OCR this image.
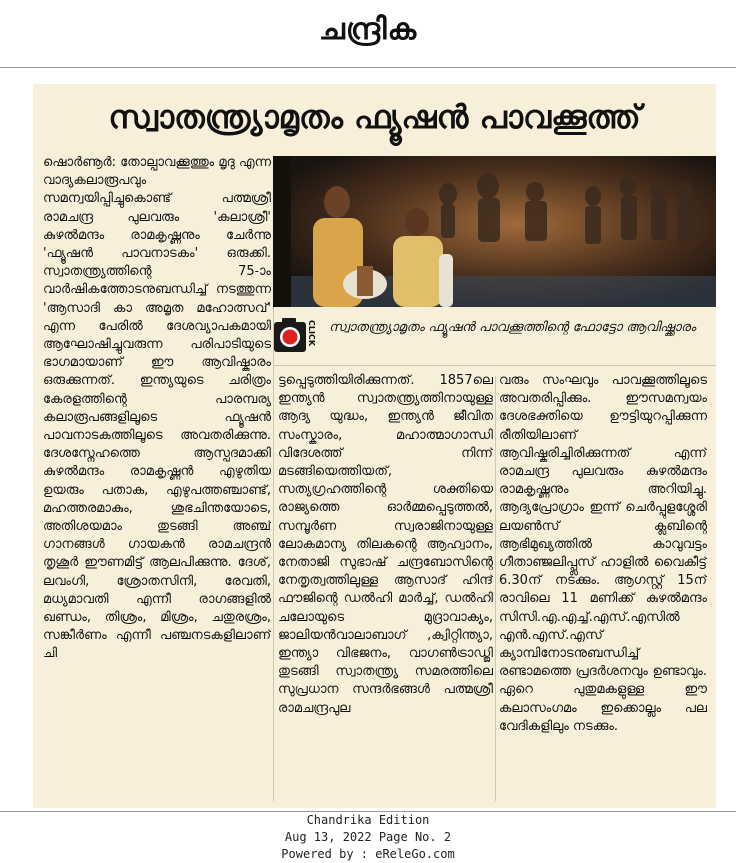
ചന്ദ്രിക
സ്വാതന്ത്ര്യാമൃതം ഫ്യൂഷൻ പാവക്കൂത്ത്
ഷൊർണൂർ: തോല്പാവക്കൂത്തും മൃദു എന്ന വാദ്യകലാരൂപവും സമന്വയിപ്പിച്ചുകൊണ്ട് പത്മശ്രീ രാമചന്ദ്ര പുലവരും 'കലാശ്രീ' കുഴൽമന്ദം രാമകൃഷ്ണനും ചേർന്നു 'ഫ്യൂഷൻ പാവനാടകം' ഒരുക്കി. സ്വാതന്ത്ര്യത്തിന്റെ 75-ാം വാർഷികത്തോടനുബന്ധിച്ച് നടത്തുന്ന 'ആസാദി കാ അമൃത മഹോത്സവ്' എന്ന പേരിൽ ദേശവ്യാപകമായി ആഘോഷിച്ചുവരുന്ന പരിപാടിയുടെ ഭാഗമായാണ് ഈ ആവിഷ്കാരം ഒരുക്കുന്നത്. ഇന്ത്യയുടെ ചരിത്രം കേരളത്തിന്റെ പാരമ്പര്യ കലാരൂപങ്ങളിലൂടെ ഫ്യൂഷൻ പാവനാടകത്തിലൂടെ അവതരിക്കുന്നു. ദേശസ്നേഹത്തെ ആസ്പദമാക്കി കുഴൽമന്ദം രാമകൃഷ്ണൻ എഴുതിയ ഉയരും പതാക, എഴുപത്തഞ്ചാണ്ട്, മഹത്തരമാകും, ശുഭചിന്തയോടെ, അതിശയമാം തുടങ്ങി അഞ്ച് ഗാനങ്ങൾ ഗായകൻ രാമചന്ദ്രൻ തൃശൂർ ഈണമിട്ട് ആലപിക്കുന്നു. ദേശ്, ലവംഗി, ശ്രോതസിനി, രേവതി, മധ്യമാവതി എന്നീ രാഗങ്ങളിൽ ഖണ്ഡം, തിശ്രം, മിശ്രം, ചതുരശ്രം, സങ്കീർണം എന്നീ പഞ്ചനടകളിലാണ് ചി
CLICK സ്വാതന്ത്ര്യാമൃതം ഫ്യൂഷൻ പാവക്കൂത്തിന്റെ ഫോട്ടോ ആവിഷ്ക്കാരം
ട്ടപ്പെടുത്തിയിരിക്കുന്നത്. 1857ലെ ഇന്ത്യൻ സ്വാതന്ത്ര്യത്തിനായുള്ള ആദ്യ യുദ്ധം, ഇന്ത്യൻ ജീവിത സംസ്കാരം, മഹാത്മാഗാന്ധി വിദേശത്ത് നിന്ന് മടങ്ങിയെത്തിയത്, സത്യഗ്രഹത്തിന്റെ ശക്തിയെ രാജ്യത്തെ ഓർമ്മപ്പെടുത്തൽ, സമ്പൂർണ സ്വരാജിനായുള്ള ലോകമാന്യ തിലകന്റെ ആഹ്വാനം, നേതാജി സുഭാഷ് ചന്ദ്രബോസിന്റെ നേതൃത്വത്തിലുള്ള ആസാദ് ഹിന്ദ് ഫൗജിന്റെ ഡൽഹി മാർച്ച്, ഡൽഹി ചലോയുടെ മുദ്രാവാക്യം, ജാലിയൻവാലാബാഗ് ,ക്വിറ്റിന്ത്യാ, ഇന്ത്യാ വിഭജനം, വാഗൺട്രാഡ്ജി തുടങ്ങി സ്വാതന്ത്ര്യ സമരത്തിലെ സുപ്രധാന സന്ദർഭങ്ങൾ പത്മശ്രീ രാമചന്ദ്രപുല
വരും സംഘവും പാവക്കൂത്തിലൂടെ അവതരിപ്പിക്കും. ഈസമന്വയം ദേശഭക്തിയെ ഊട്ടിയുറപ്പിക്കുന്ന രീതിയിലാണ് ആവിഷ്കരിച്ചിരിക്കുന്നത് എന്ന് രാമചന്ദ്ര പുലവരും കുഴൽമന്ദം രാമകൃഷ്ണനും അറിയിച്ചു. ആദ്യപ്രോഗ്രാം ഇന്ന് ചെർപ്പുളശ്ശേരി ലയൺസ് ക്ലബിന്റെ ആഭിമുഖ്യത്തിൽ കാവുവട്ടം ഗീതാഞ്ജലിപ്പ്ലസ് ഹാളിൽ വൈകീട്ട് 6.30ന് നടക്കും. ആഗസ്റ്റ് 15ന് രാവിലെ 11 മണിക്ക് കുഴൽമന്ദം സിസി.എ.എച്ച്.എസ്.എസിൽ എൻ.എസ്.എസ് ക്യാമ്പിനോടനുബന്ധിച്ച് രണ്ടാമത്തെ പ്രദർശനവും ഉണ്ടാവും. ഏറെ പുതുമകളുള്ള ഈ കലാസംഗമം ഇക്കൊല്ലം പല വേദികളിലും നടക്കും.
Chandrika Edition
Aug 13, 2022 Page No. 2
Powered by : eReleGo.com
